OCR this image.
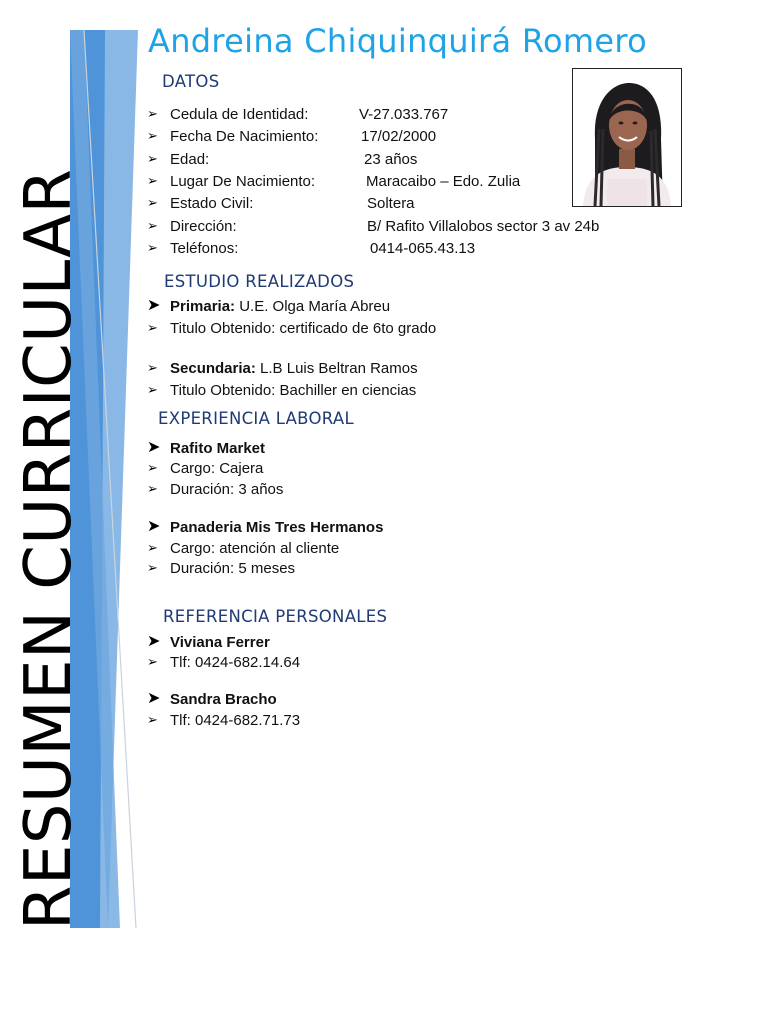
RESUMEN CURRICULAR
Andreina Chiquinquirá Romero
DATOS
➢ Cedula de Identidad:	V-27.033.767
➢ Fecha De Nacimiento:	17/02/2000
➢ Edad:	23 años
➢ Lugar De Nacimiento:	Maracaibo – Edo. Zulia
➢ Estado Civil:	Soltera
➢ Dirección:	B/ Rafito Villalobos sector 3 av 24b
➢ Teléfonos:	0414-065.43.13
ESTUDIO REALIZADOS
➤ Primaria: U.E. Olga María Abreu
➢ Titulo Obtenido: certificado de 6to grado
➢ Secundaria: L.B Luis Beltran Ramos
➢ Titulo Obtenido: Bachiller en ciencias
EXPERIENCIA LABORAL
➤ Rafito Market
➢ Cargo: Cajera
➢ Duración: 3 años
➤ Panaderia Mis Tres Hermanos
➢ Cargo: atención al cliente
➢ Duración: 5 meses
REFERENCIA PERSONALES
➤ Viviana Ferrer
➢ Tlf: 0424-682.14.64
➤ Sandra Bracho
➢ Tlf: 0424-682.71.73
